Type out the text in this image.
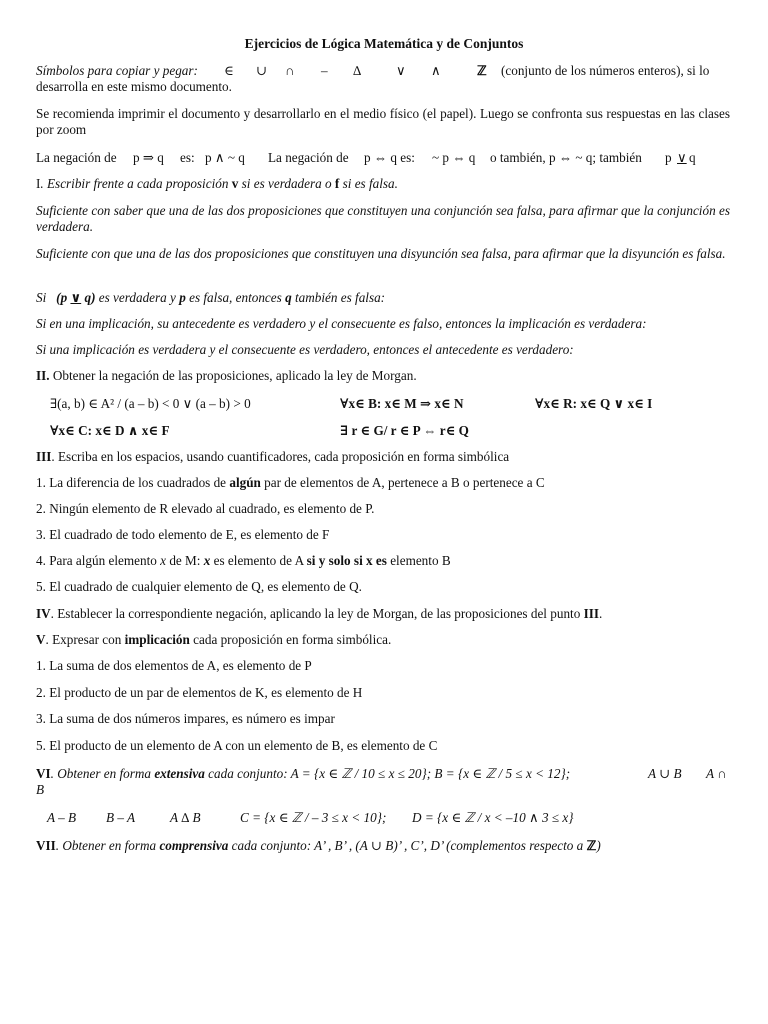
Ejercicios de Lógica Matemática y de Conjuntos
Símbolos para copiar y pegar:	∈ ∪ ∩ – ∆	∨ ∧	ℤ (conjunto de los números enteros), si lo
desarrolla en este mismo documento.
Se recomienda imprimir el documento y desarrollarlo en el medio físico (el papel). Luego se confronta sus respuestas en las clases por zoom
La negación de p ⇒ q es: p ∧ ~ q La negación de p ⇔ q es: ~ p ⇔ q o también, p ⇔ ~ q; también p ∨ q
I. Escribir frente a cada proposición v si es verdadera o f si es falsa.
Suficiente con saber que una de las dos proposiciones que constituyen una conjunción sea falsa, para afirmar que la conjunción es verdadera.
Suficiente con que una de las dos proposiciones que constituyen una disyunción sea falsa, para afirmar que la disyunción es falsa.
Si (p ∨ q) es verdadera y p es falsa, entonces q también es falsa:
Si en una implicación, su antecedente es verdadero y el consecuente es falso, entonces la implicación es verdadera:
Si una implicación es verdadera y el consecuente es verdadero, entonces el antecedente es verdadero:
II. Obtener la negación de las proposiciones, aplicado la ley de Morgan.
∃(a, b) ∈ A² / (a – b) < 0 ∨ (a – b) > 0	∀x∈ B: x∈ M ⇒ x∈ N	∀x∈ R: x∈ Q ∨ x∈ I
∀x∈ C: x∈ D ∧ x∈ F	∃ r ∈ G/ r ∈ P ⇔ r∈ Q
III. Escriba en los espacios, usando cuantificadores, cada proposición en forma simbólica
1. La diferencia de los cuadrados de algún par de elementos de A, pertenece a B o pertenece a C
2. Ningún elemento de R elevado al cuadrado, es elemento de P.
3. El cuadrado de todo elemento de E, es elemento de F
4. Para algún elemento x de M: x es elemento de A si y solo si x es elemento B
5. El cuadrado de cualquier elemento de Q, es elemento de Q.
IV. Establecer la correspondiente negación, aplicando la ley de Morgan, de las proposiciones del punto III.
V. Expresar con implicación cada proposición en forma simbólica.
1. La suma de dos elementos de A, es elemento de P
2. El producto de un par de elementos de K, es elemento de H
3. La suma de dos números impares, es número es impar
5. El producto de un elemento de A con un elemento de B, es elemento de C
VI. Obtener en forma extensiva cada conjunto: A = {x ∈ ℤ / 10 ≤ x ≤ 20}; B = {x ∈ ℤ / 5 ≤ x < 12};	A ∪ B A ∩
B
A – B B – A	A ∆ B	C = {x ∈ ℤ / – 3 ≤ x < 10}; D = {x ∈ ℤ / x < –10 ∧ 3 ≤ x}
VII. Obtener en forma comprensiva cada conjunto: A’ , B’ , (A ∪ B)’ , C’, D’ (complementos respecto a ℤ)
